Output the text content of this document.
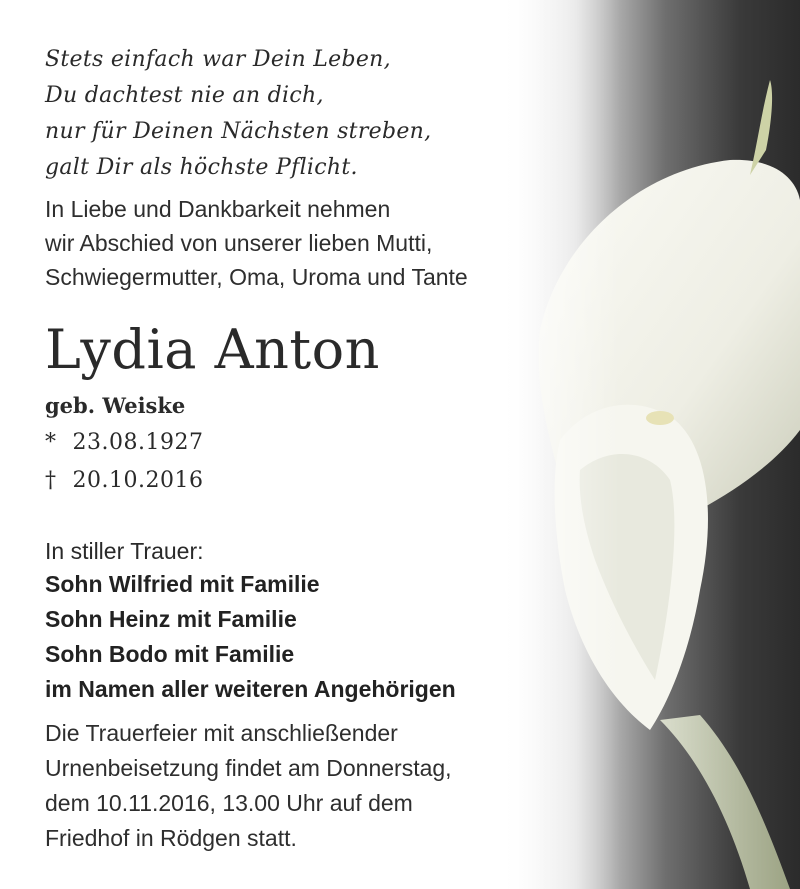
Stets einfach war Dein Leben,
Du dachtest nie an dich,
nur für Deinen Nächsten streben,
galt Dir als höchste Pflicht.
In Liebe und Dankbarkeit nehmen
wir Abschied von unserer lieben Mutti,
Schwiegermutter, Oma, Uroma und Tante
Lydia Anton
geb. Weiske
* 23.08.1927
† 20.10.2016
In stiller Trauer:
Sohn Wilfried mit Familie
Sohn Heinz mit Familie
Sohn Bodo mit Familie
im Namen aller weiteren Angehörigen
Die Trauerfeier mit anschließender
Urnenbeisetzung findet am Donnerstag,
dem 10.11.2016, 13.00 Uhr auf dem
Friedhof in Rödgen statt.
